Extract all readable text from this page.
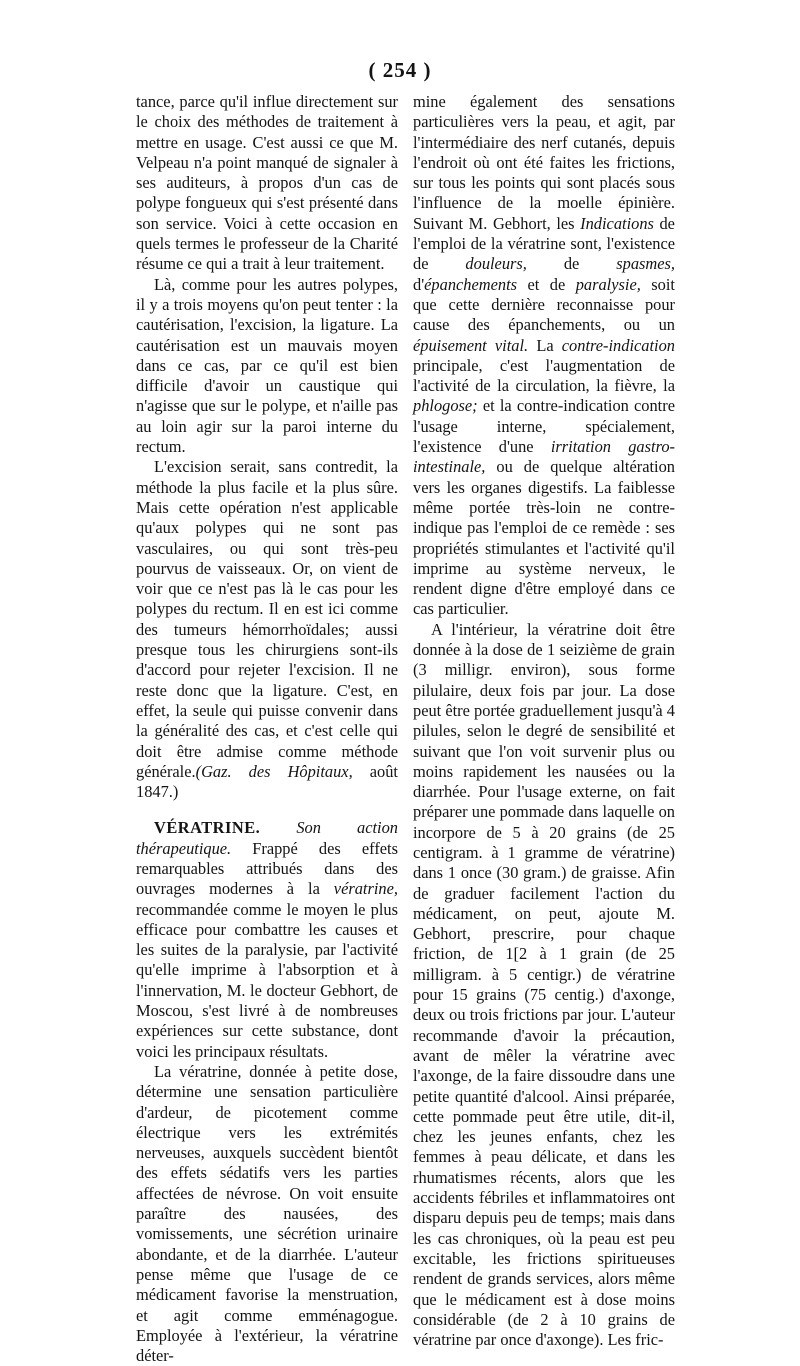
( 254 )

tance, parce qu'il influe directement sur le choix des méthodes de traitement à mettre en usage. C'est aussi ce que M. Velpeau n'a point manqué de signaler à ses auditeurs, à propos d'un cas de polype fongueux qui s'est présenté dans son service. Voici à cette occasion en quels termes le professeur de la Charité résume ce qui a trait à leur traitement.

Là, comme pour les autres polypes, il y a trois moyens qu'on peut tenter : la cautérisation, l'excision, la ligature. La cautérisation est un mauvais moyen dans ce cas, par ce qu'il est bien difficile d'avoir un caustique qui n'agisse que sur le polype, et n'aille pas au loin agir sur la paroi interne du rectum.

L'excision serait, sans contredit, la méthode la plus facile et la plus sûre. Mais cette opération n'est applicable qu'aux polypes qui ne sont pas vasculaires, ou qui sont très-peu pourvus de vaisseaux. Or, on vient de voir que ce n'est pas là le cas pour les polypes du rectum. Il en est ici comme des tumeurs hémorrhoïdales; aussi presque tous les chirurgiens sont-ils d'accord pour rejeter l'excision. Il ne reste donc que la ligature. C'est, en effet, la seule qui puisse convenir dans la généralité des cas, et c'est celle qui doit être admise comme méthode générale.(Gaz. des Hôpitaux, août 1847.)

VÉRATRINE. Son action thérapeutique. Frappé des effets remarquables attribués dans des ouvrages modernes à la vératrine, recommandée comme le moyen le plus efficace pour combattre les causes et les suites de la paralysie, par l'activité qu'elle imprime à l'absorption et à l'innervation, M. le docteur Gebhort, de Moscou, s'est livré à de nombreuses expériences sur cette substance, dont voici les principaux résultats.

La vératrine, donnée à petite dose, détermine une sensation particulière d'ardeur, de picotement comme électrique vers les extrémités nerveuses, auxquels succèdent bientôt des effets sédatifs vers les parties affectées de névrose. On voit ensuite paraître des nausées, des vomissements, une sécrétion urinaire abondante, et de la diarrhée. L'auteur pense même que l'usage de ce médicament favorise la menstruation, et agit comme emménagogue. Employée à l'extérieur, la vératrine déter-

mine également des sensations particulières vers la peau, et agit, par l'intermédiaire des nerf cutanés, depuis l'endroit où ont été faites les frictions, sur tous les points qui sont placés sous l'influence de la moelle épinière. Suivant M. Gebhort, les Indications de l'emploi de la vératrine sont, l'existence de douleurs, de spasmes, d'épanchements et de paralysie, soit que cette dernière reconnaisse pour cause des épanchements, ou un épuisement vital. La contre-indication principale, c'est l'augmentation de l'activité de la circulation, la fièvre, la phlogose; et la contre-indication contre l'usage interne, spécialement, l'existence d'une irritation gastro-intestinale, ou de quelque altération vers les organes digestifs. La faiblesse même portée très-loin ne contre-indique pas l'emploi de ce remède : ses propriétés stimulantes et l'activité qu'il imprime au système nerveux, le rendent digne d'être employé dans ce cas particulier.

A l'intérieur, la vératrine doit être donnée à la dose de 1 seizième de grain (3 milligr. environ), sous forme pilulaire, deux fois par jour. La dose peut être portée graduellement jusqu'à 4 pilules, selon le degré de sensibilité et suivant que l'on voit survenir plus ou moins rapidement les nausées ou la diarrhée. Pour l'usage externe, on fait préparer une pommade dans laquelle on incorpore de 5 à 20 grains (de 25 centigram. à 1 gramme de vératrine) dans 1 once (30 gram.) de graisse. Afin de graduer facilement l'action du médicament, on peut, ajoute M. Gebhort, prescrire, pour chaque friction, de 1[2 à 1 grain (de 25 milligram. à 5 centigr.) de vératrine pour 15 grains (75 centig.) d'axonge, deux ou trois frictions par jour. L'auteur recommande d'avoir la précaution, avant de mêler la vératrine avec l'axonge, de la faire dissoudre dans une petite quantité d'alcool. Ainsi préparée, cette pommade peut être utile, dit-il, chez les jeunes enfants, chez les femmes à peau délicate, et dans les rhumatismes récents, alors que les accidents fébriles et inflammatoires ont disparu depuis peu de temps; mais dans les cas chroniques, où la peau est peu excitable, les frictions spiritueuses rendent de grands services, alors même que le médicament est à dose moins considérable (de 2 à 10 grains de vératrine par once d'axonge). Les fric-
